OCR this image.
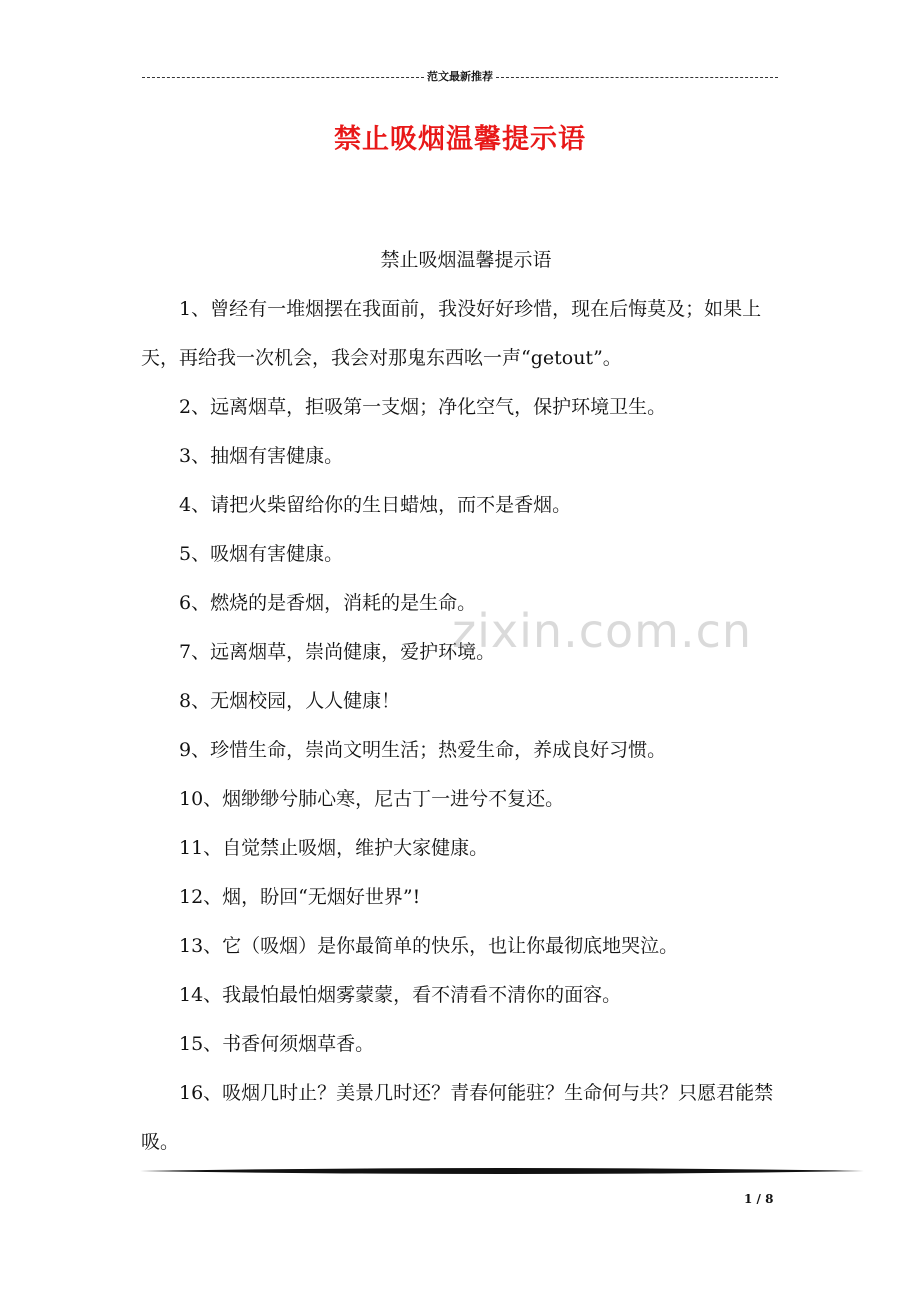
范文最新推荐
禁止吸烟温馨提示语

禁止吸烟温馨提示语

1、曾经有一堆烟摆在我面前，我没好好珍惜，现在后悔莫及；如果上天，再给我一次机会，我会对那鬼东西吆一声“getout”。

2、远离烟草，拒吸第一支烟；净化空气，保护环境卫生。

3、抽烟有害健康。

4、请把火柴留给你的生日蜡烛，而不是香烟。

5、吸烟有害健康。

6、燃烧的是香烟，消耗的是生命。

7、远离烟草，崇尚健康，爱护环境。

8、无烟校园，人人健康！

9、珍惜生命，崇尚文明生活；热爱生命，养成良好习惯。

10、烟缈缈兮肺心寒，尼古丁一进兮不复还。

11、自觉禁止吸烟，维护大家健康。

12、烟，盼回“无烟好世界”!

13、它（吸烟）是你最简单的快乐，也让你最彻底地哭泣。

14、我最怕最怕烟雾蒙蒙，看不清看不清你的面容。

15、书香何须烟草香。

16、吸烟几时止？美景几时还？青春何能驻？生命何与共？只愿君能禁吸。

zixin.com.cn
1 / 8
